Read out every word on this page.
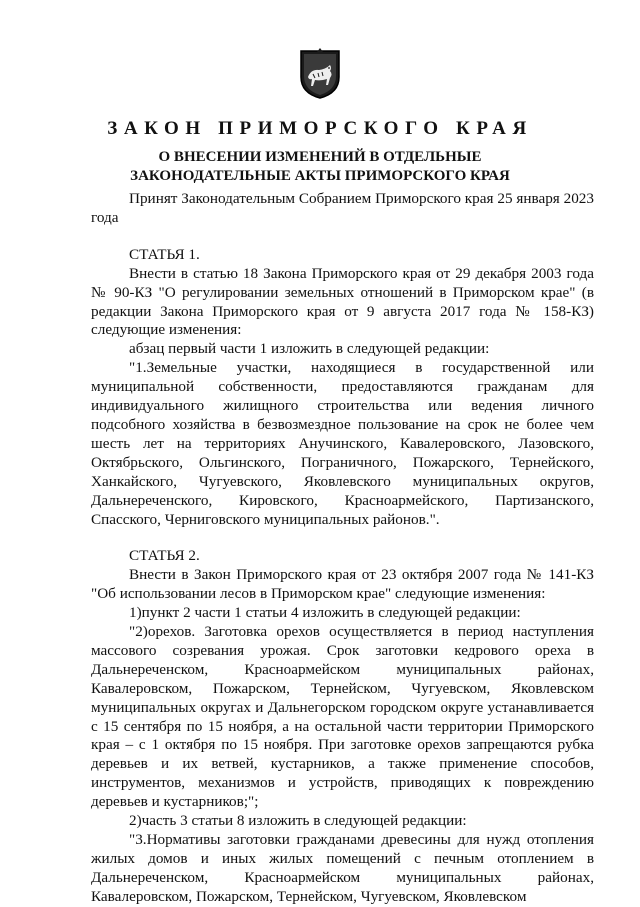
ЗАКОН ПРИМОРСКОГО КРАЯ
О ВНЕСЕНИИ ИЗМЕНЕНИЙ В ОТДЕЛЬНЫЕ
ЗАКОНОДАТЕЛЬНЫЕ АКТЫ ПРИМОРСКОГО КРАЯ

Принят Законодательным Собранием Приморского края 25 января 2023 года

СТАТЬЯ 1.

Внести в статью 18 Закона Приморского края от 29 декабря 2003 года № 90-КЗ "О регулировании земельных отношений в Приморском крае" (в редакции Закона Приморского края от 9 августа 2017 года № 158-КЗ) следующие изменения:

абзац первый части 1 изложить в следующей редакции:

"1.Земельные участки, находящиеся в государственной или муниципальной собственности, предоставляются гражданам для индивидуального жилищного строительства или ведения личного подсобного хозяйства в безвозмездное пользование на срок не более чем шесть лет на территориях Анучинского, Кавалеровского, Лазовского, Октябрьского, Ольгинского, Пограничного, Пожарского, Тернейского, Ханкайского, Чугуевского, Яковлевского муниципальных округов, Дальнереченского, Кировского, Красноармейского, Партизанского, Спасского, Черниговского муниципальных районов.".

СТАТЬЯ 2.

Внести в Закон Приморского края от 23 октября 2007 года № 141-КЗ "Об использовании лесов в Приморском крае" следующие изменения:

1)пункт 2 части 1 статьи 4 изложить в следующей редакции:

"2)орехов. Заготовка орехов осуществляется в период наступления массового созревания урожая. Срок заготовки кедрового ореха в Дальнереченском, Красноармейском муниципальных районах, Кавалеровском, Пожарском, Тернейском, Чугуевском, Яковлевском муниципальных округах и Дальнегорском городском округе устанавливается с 15 сентября по 15 ноября, а на остальной части территории Приморского края – с 1 октября по 15 ноября. При заготовке орехов запрещаются рубка деревьев и их ветвей, кустарников, а также применение способов, инструментов, механизмов и устройств, приводящих к повреждению деревьев и кустарников;";

2)часть 3 статьи 8 изложить в следующей редакции:

"3.Нормативы заготовки гражданами древесины для нужд отопления жилых домов и иных жилых помещений с печным отоплением в Дальнереченском, Красноармейском муниципальных районах, Кавалеровском, Пожарском, Тернейском, Чугуевском, Яковлевском
